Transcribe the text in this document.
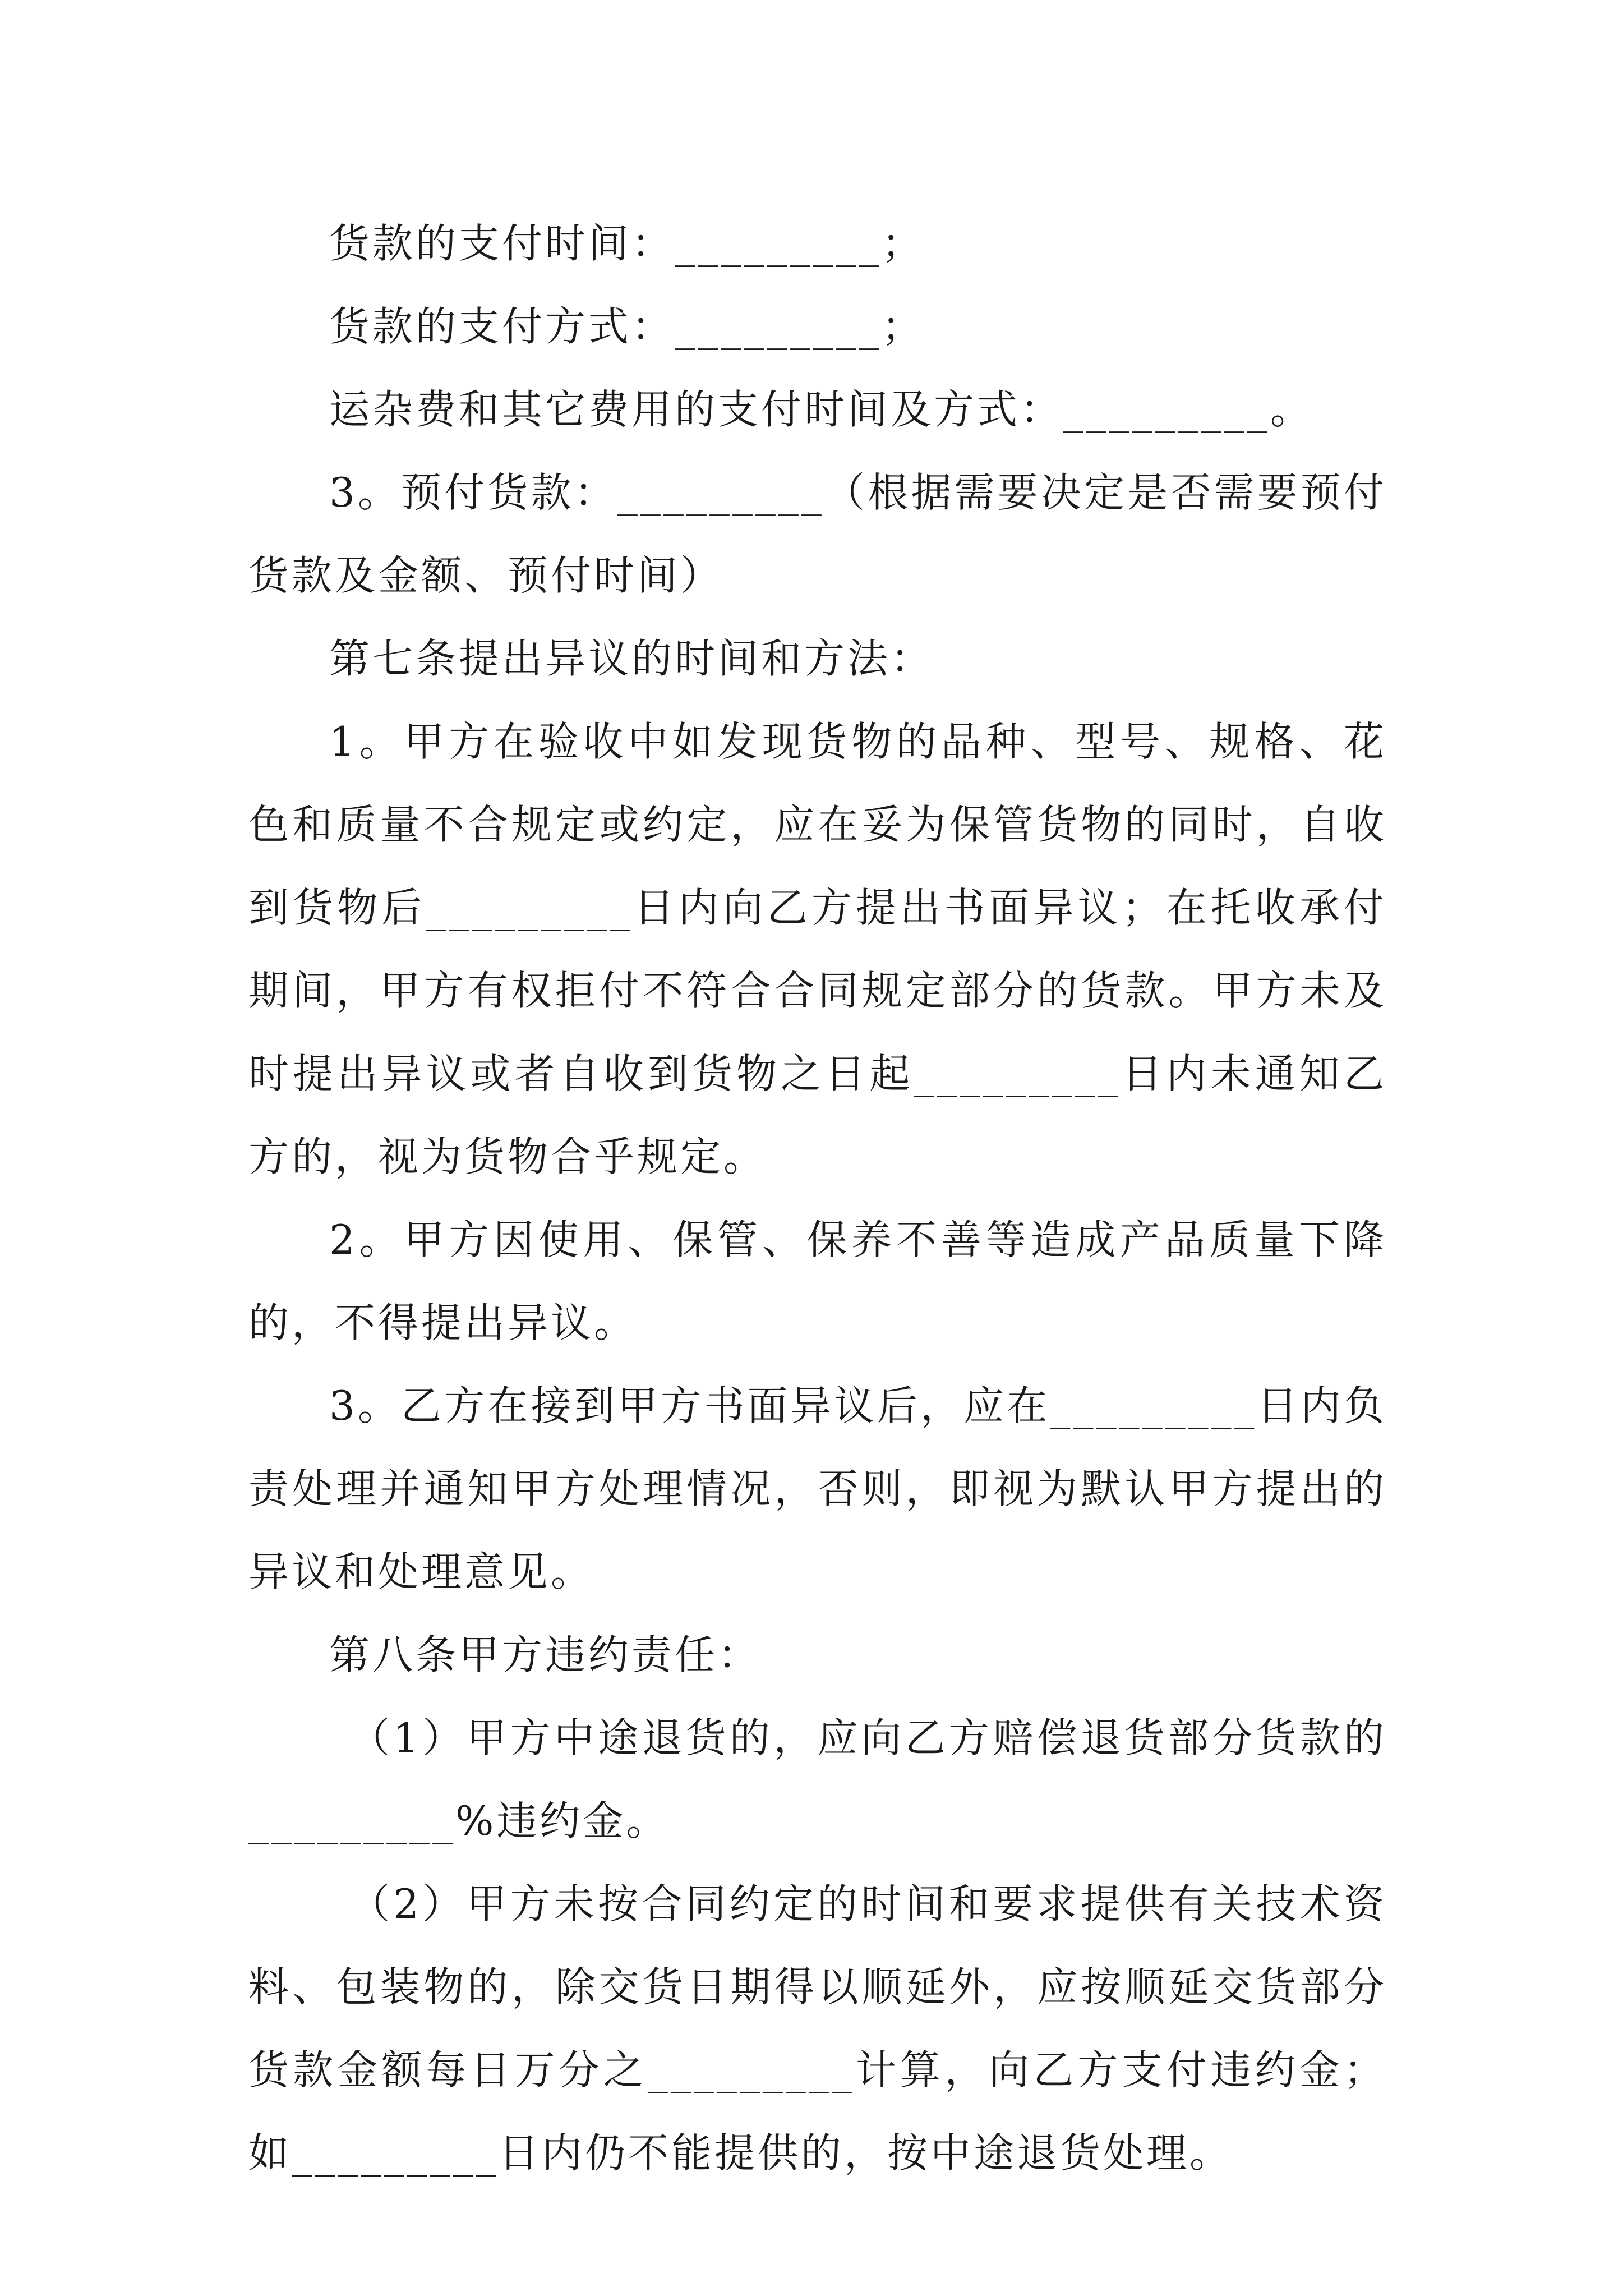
货款的支付时间：_________；

货款的支付方式：_________；

运杂费和其它费用的支付时间及方式：_________。

3。预付货款：_________（根据需要决定是否需要预付货款及金额、预付时间）

第七条提出异议的时间和方法：

1。甲方在验收中如发现货物的品种、型号、规格、花色和质量不合规定或约定，应在妥为保管货物的同时，自收到货物后_________日内向乙方提出书面异议；在托收承付期间，甲方有权拒付不符合合同规定部分的货款。甲方未及时提出异议或者自收到货物之日起_________日内未通知乙方的，视为货物合乎规定。

2。甲方因使用、保管、保养不善等造成产品质量下降的，不得提出异议。

3。乙方在接到甲方书面异议后，应在_________日内负责处理并通知甲方处理情况，否则，即视为默认甲方提出的异议和处理意见。

第八条甲方违约责任：

（1）甲方中途退货的，应向乙方赔偿退货部分货款的_________%违约金。

（2）甲方未按合同约定的时间和要求提供有关技术资料、包装物的，除交货日期得以顺延外，应按顺延交货部分货款金额每日万分之_________计算，向乙方支付违约金；如_________日内仍不能提供的，按中途退货处理。
